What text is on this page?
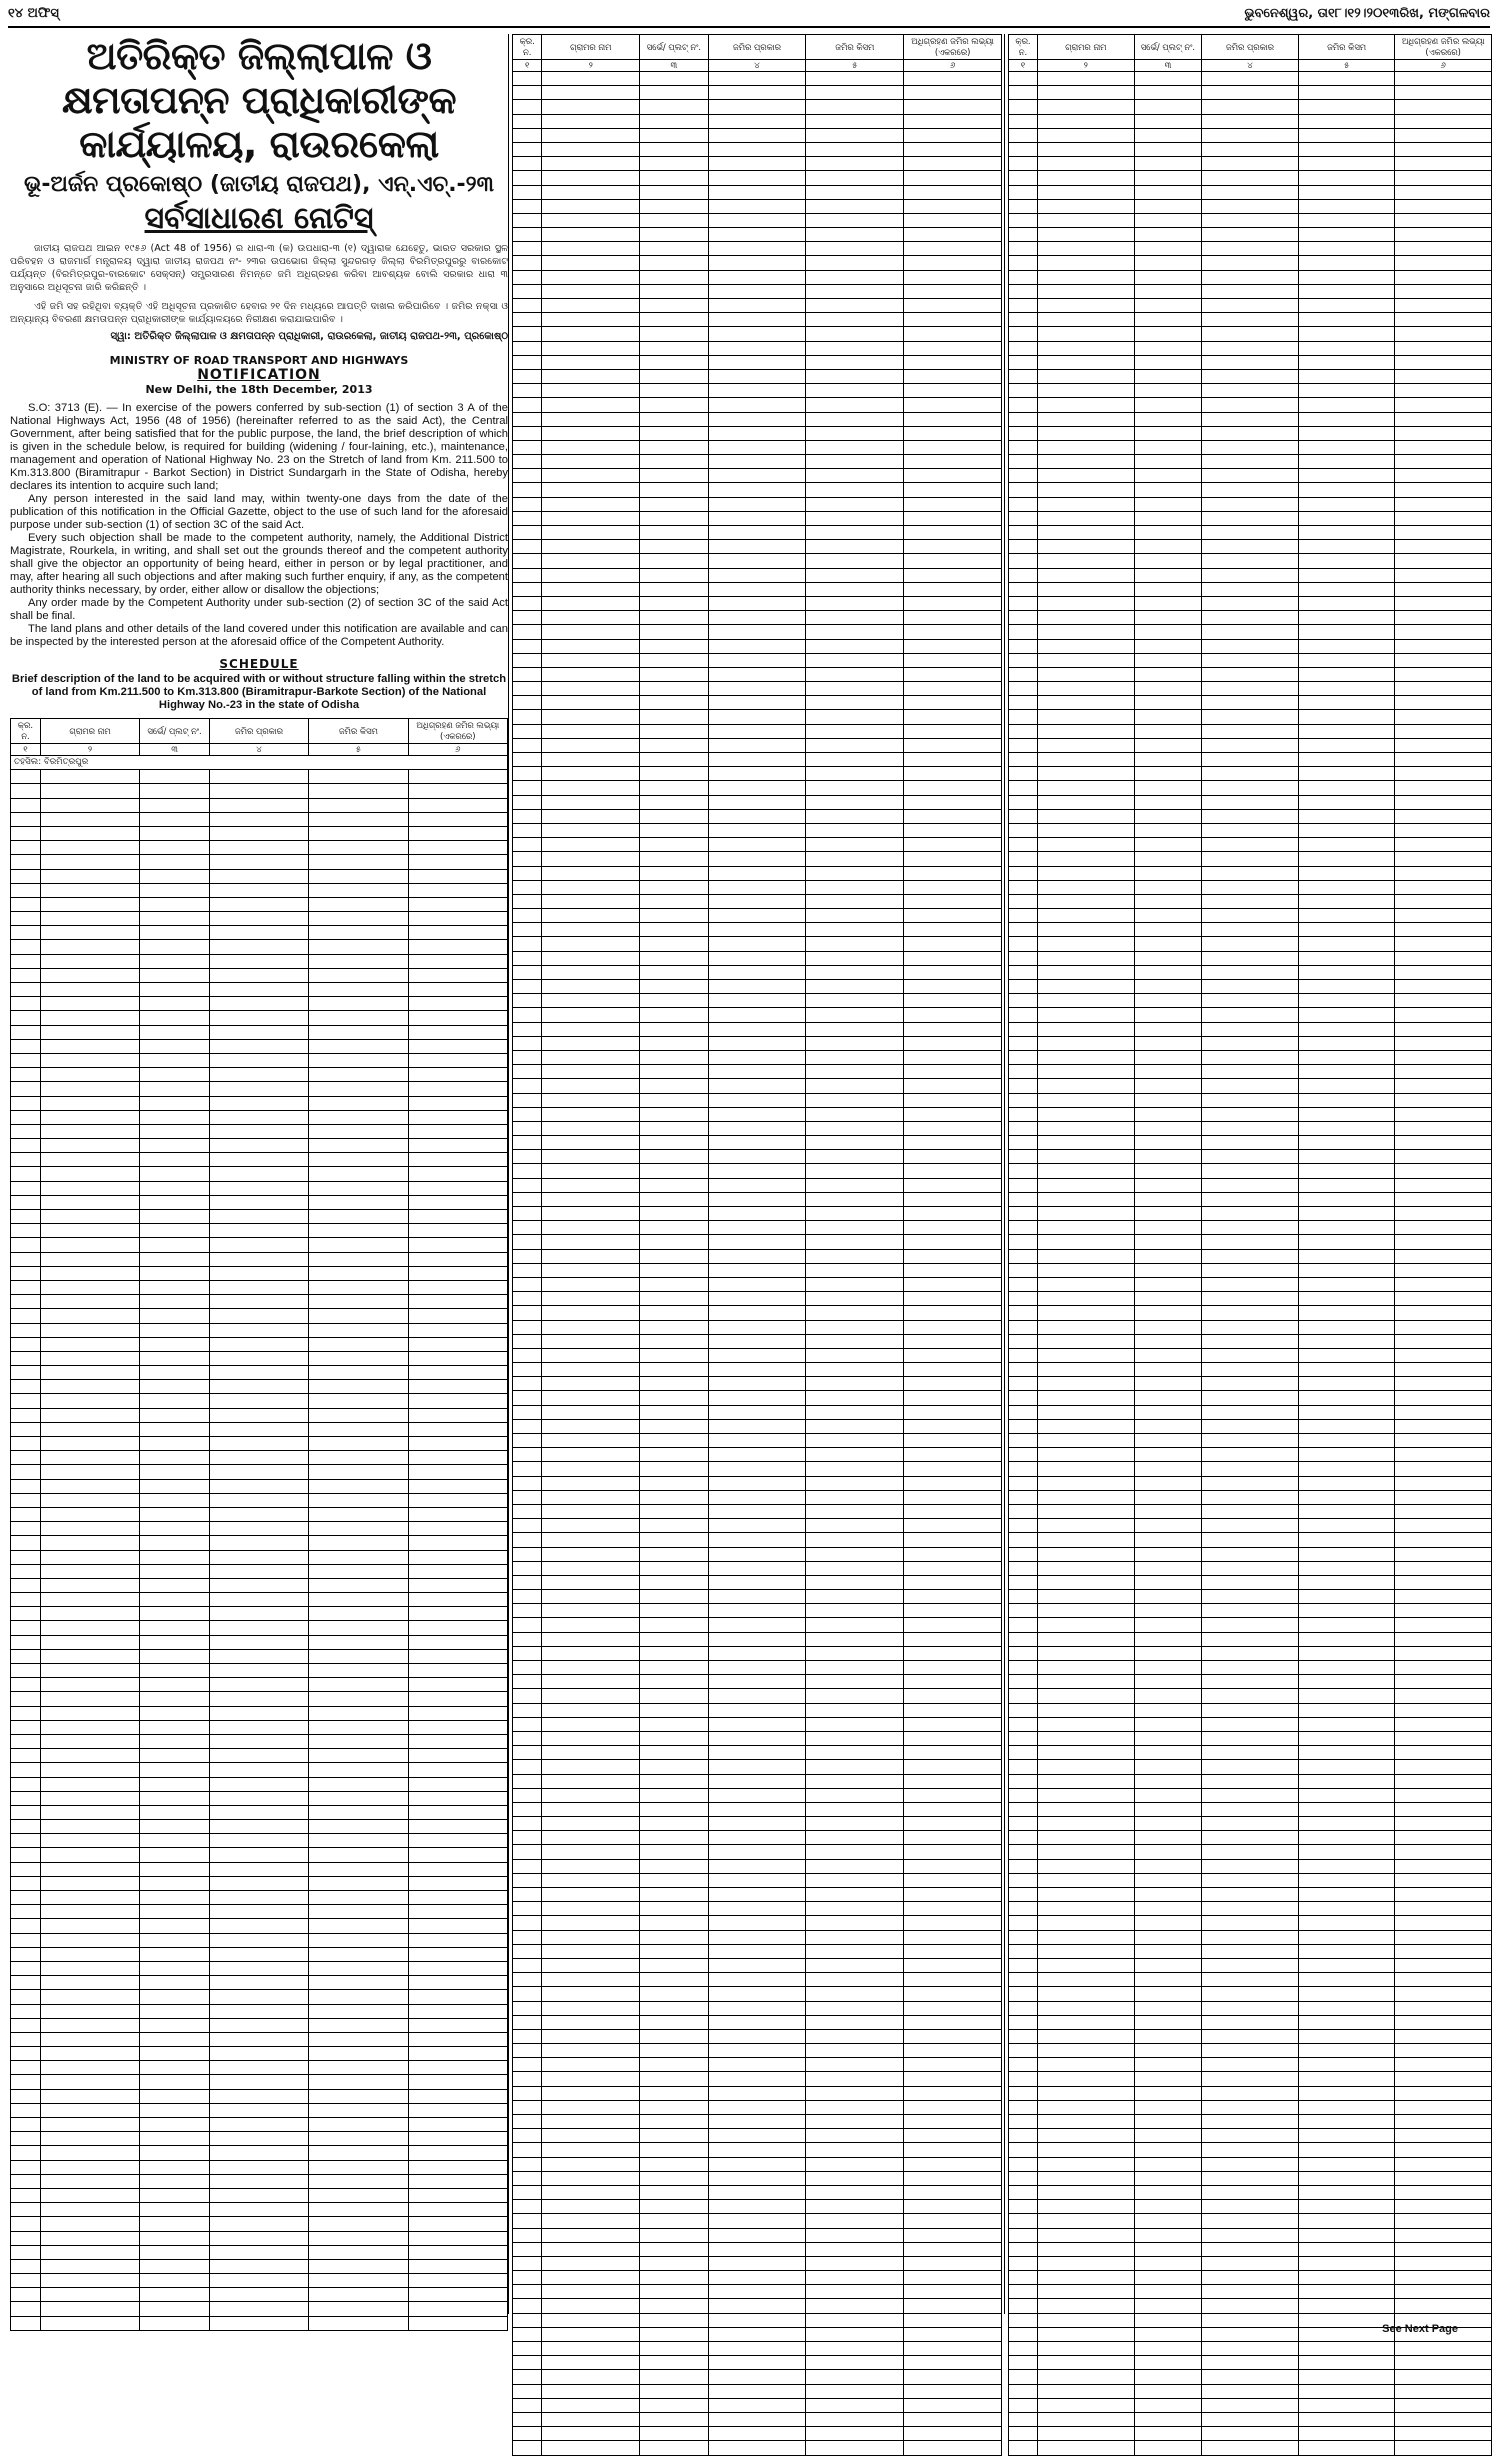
୧୪ ଅଫିସ୍	ଭୁବନେଶ୍ୱର, ତା୧୮।୧୨।୨୦୧୩ରିଖ, ମଙ୍ଗଳବାର
ଅତିରିକ୍ତ ଜିଲ୍ଲାପାଳ ଓ କ୍ଷମତାପନ୍ନ ପ୍ରାଧିକାରୀଙ୍କ କାର୍ଯ୍ୟାଳୟ, ରାଉରକେଲା
ଭୂ-ଅର୍ଜନ ପ୍ରକୋଷ୍ଠ (ଜାତୀୟ ରାଜପଥ), ଏନ୍.ଏଚ୍.-୨୩
ସର୍ବସାଧାରଣ ନୋଟିସ୍
ଜାତୀୟ ରାଜପଥ ଆଇନ ୧୯୫୬ (Act 48 of 1956) ର ଧାରା-୩ (କ) ଉପଧାରା-୩ (୧) ଦ୍ୱାରାକ ଯେହେତୁ, ଭାରତ ସରକାର ସ୍ଥଳ ପରିବହନ ଓ ରାଜମାର୍ଗ ମନ୍ତ୍ରାଳୟ ଦ୍ୱାରା ଜାତୀୟ ରାଜପଥ ନଂ- ୨୩ର ଉପଭୋଗ ଜିଲ୍ଲା ସୁନ୍ଦରଗଡ଼ ଜିଲ୍ଲା ବିରମିତ୍ରପୁରରୁ ବାରକୋଟ ପର୍ଯ୍ୟନ୍ତ (ବିରମିତ୍ରପୁର-ବାରକୋଟ ସେକ୍ସନ୍) ସମ୍ପ୍ରସାରଣ ନିମନ୍ତେ ଜମି ଅଧିଗ୍ରହଣ କରିବା ଆବଶ୍ୟକ ବୋଲି ସରକାର ଧାରା ୩ ଅନୁସାରେ ଅଧିସୂଚନା ଜାରି କରିଛନ୍ତି ।
ଏହି ଜମି ସହ ରହିଥିବା ବ୍ୟକ୍ତି ଏହି ଅଧିସୂଚନା ପ୍ରକାଶିତ ହେବାର ୨୧ ଦିନ ମଧ୍ୟରେ ଆପତ୍ତି ଦାଖଲ କରିପାରିବେ । ଜମିର ନକ୍ସା ଓ ଅନ୍ୟାନ୍ୟ ବିବରଣୀ କ୍ଷମତାପନ୍ନ ପ୍ରାଧିକାରୀଙ୍କ କାର୍ଯ୍ୟାଳୟରେ ନିରୀକ୍ଷଣ କରାଯାଇପାରିବ ।
ସ୍ୱା: ଅତିରିକ୍ତ ଜିଲ୍ଲାପାଳ ଓ କ୍ଷମତାପନ୍ନ ପ୍ରାଧିକାରୀ, ରାଉରକେଲା, ଜାତୀୟ ରାଜପଥ-୨୩, ପ୍ରକୋଷ୍ଠ
MINISTRY OF ROAD TRANSPORT AND HIGHWAYS
NOTIFICATION
New Delhi, the 18th December, 2013

S.O: 3713 (E). — In exercise of the powers conferred by sub-section (1) of section 3 A of the National Highways Act, 1956 (48 of 1956) (hereinafter referred to as the said Act), the Central Government, after being satisfied that for the public purpose, the land, the brief description of which is given in the schedule below, is required for building (widening / four-laining, etc.), maintenance, management and operation of National Highway No. 23 on the Stretch of land from Km. 211.500 to Km.313.800 (Biramitrapur - Barkot Section) in District Sundargarh in the State of Odisha, hereby declares its intention to acquire such land;

Any person interested in the said land may, within twenty-one days from the date of the publication of this notification in the Official Gazette, object to the use of such land for the aforesaid purpose under sub-section (1) of section 3C of the said Act.

Every such objection shall be made to the competent authority, namely, the Additional District Magistrate, Rourkela, in writing, and shall set out the grounds thereof and the competent authority shall give the objector an opportunity of being heard, either in person or by legal practitioner, and may, after hearing all such objections and after making such further enquiry, if any, as the competent authority thinks necessary, by order, either allow or disallow the objections;

Any order made by the Competent Authority under sub-section (2) of section 3C of the said Act shall be final.

The land plans and other details of the land covered under this notification are available and can be inspected by the interested person at the aforesaid office of the Competent Authority.

SCHEDULE
Brief description of the land to be acquired with or without structure falling within the stretch of land from Km.211.500 to Km.313.800 (Biramitrapur-Barkote Section) of the National Highway No.-23 in the state of Odisha
କ୍ର. ନ.	ଗ୍ରାମର ନାମ	ସର୍ଭେ/ ପ୍ଲଟ୍ ନଂ.	ଜମିର ପ୍ରକାର	ଜମିର କିସମ	ଅଧିଗ୍ରହଣ ଜମିର ଲଭ୍ୟା (ଏକରରେ)
୧	୨	୩	୪	୫	୬
ତହସିଲ: ବିରମିତ୍ରପୁର					

କ୍ର. ନ.	ଗ୍ରାମର ନାମ	ସର୍ଭେ/ ପ୍ଲଟ୍ ନଂ.	ଜମିର ପ୍ରକାର	ଜମିର କିସମ	ଅଧିଗ୍ରହଣ ଜମିର ଲଭ୍ୟା (ଏକରରେ)
୧	୨	୩	୪	୫	୬

କ୍ର. ନ.	ଗ୍ରାମର ନାମ	ସର୍ଭେ/ ପ୍ଲଟ୍ ନଂ.	ଜମିର ପ୍ରକାର	ଜମିର କିସମ	ଅଧିଗ୍ରହଣ ଜମିର ଲଭ୍ୟା (ଏକରରେ)
୧	୨	୩	୪	୫	୬

See Next Page
